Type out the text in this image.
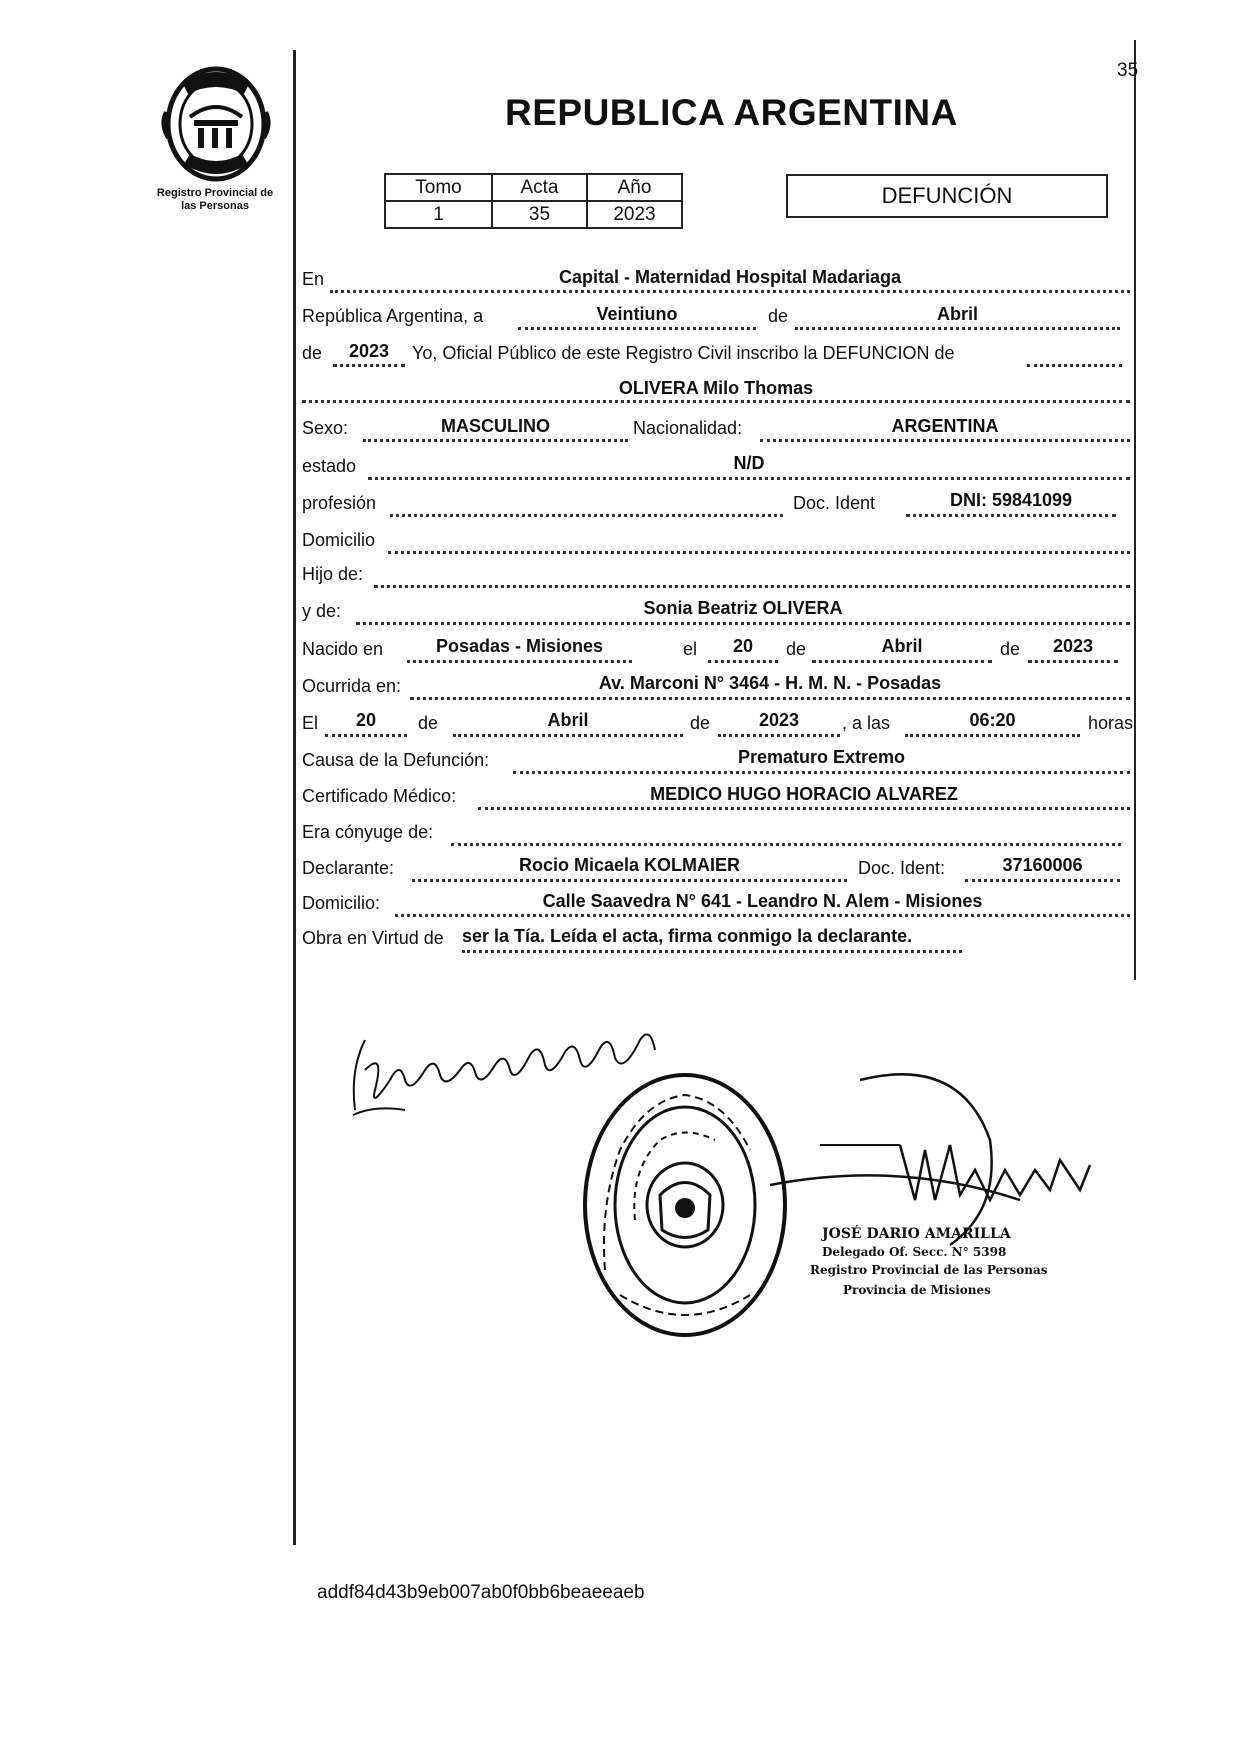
35
Registro Provincial de
las Personas
REPUBLICA ARGENTINA
Tomo	Acta	Año
1	35	2023
DEFUNCIÓN
En	Capital - Maternidad Hospital Madariaga
República Argentina, a	Veintiuno	de	Abril
de	2023	Yo, Oficial Público de este Registro Civil inscribo la DEFUNCION de
OLIVERA Milo Thomas
Sexo:	MASCULINO	Nacionalidad:	ARGENTINA
estado	N/D
profesión	Doc. Ident	DNI: 59841099
Domicilio
Hijo de:
y de:	Sonia Beatriz OLIVERA
Nacido en	Posadas - Misiones	el	20	de	Abril	de	2023
Ocurrida en:	Av. Marconi N° 3464 - H. M. N. - Posadas
El	20	de	Abril	de	2023	, a las	06:20	horas
Causa de la Defunción:	Prematuro Extremo
Certificado Médico:	MEDICO HUGO HORACIO ALVAREZ
Era cónyuge de:
Declarante:	Rocio Micaela KOLMAIER	Doc. Ident:	37160006
Domicilio:	Calle Saavedra N° 641 - Leandro N. Alem - Misiones
Obra en Virtud de ser la Tía. Leída el acta, firma conmigo la declarante.
JOSÉ DARIO AMARILLA
Delegado Of. Secc. N° 5398
Registro Provincial de las Personas
Provincia de Misiones
addf84d43b9eb007ab0f0bb6beaeeaeb
